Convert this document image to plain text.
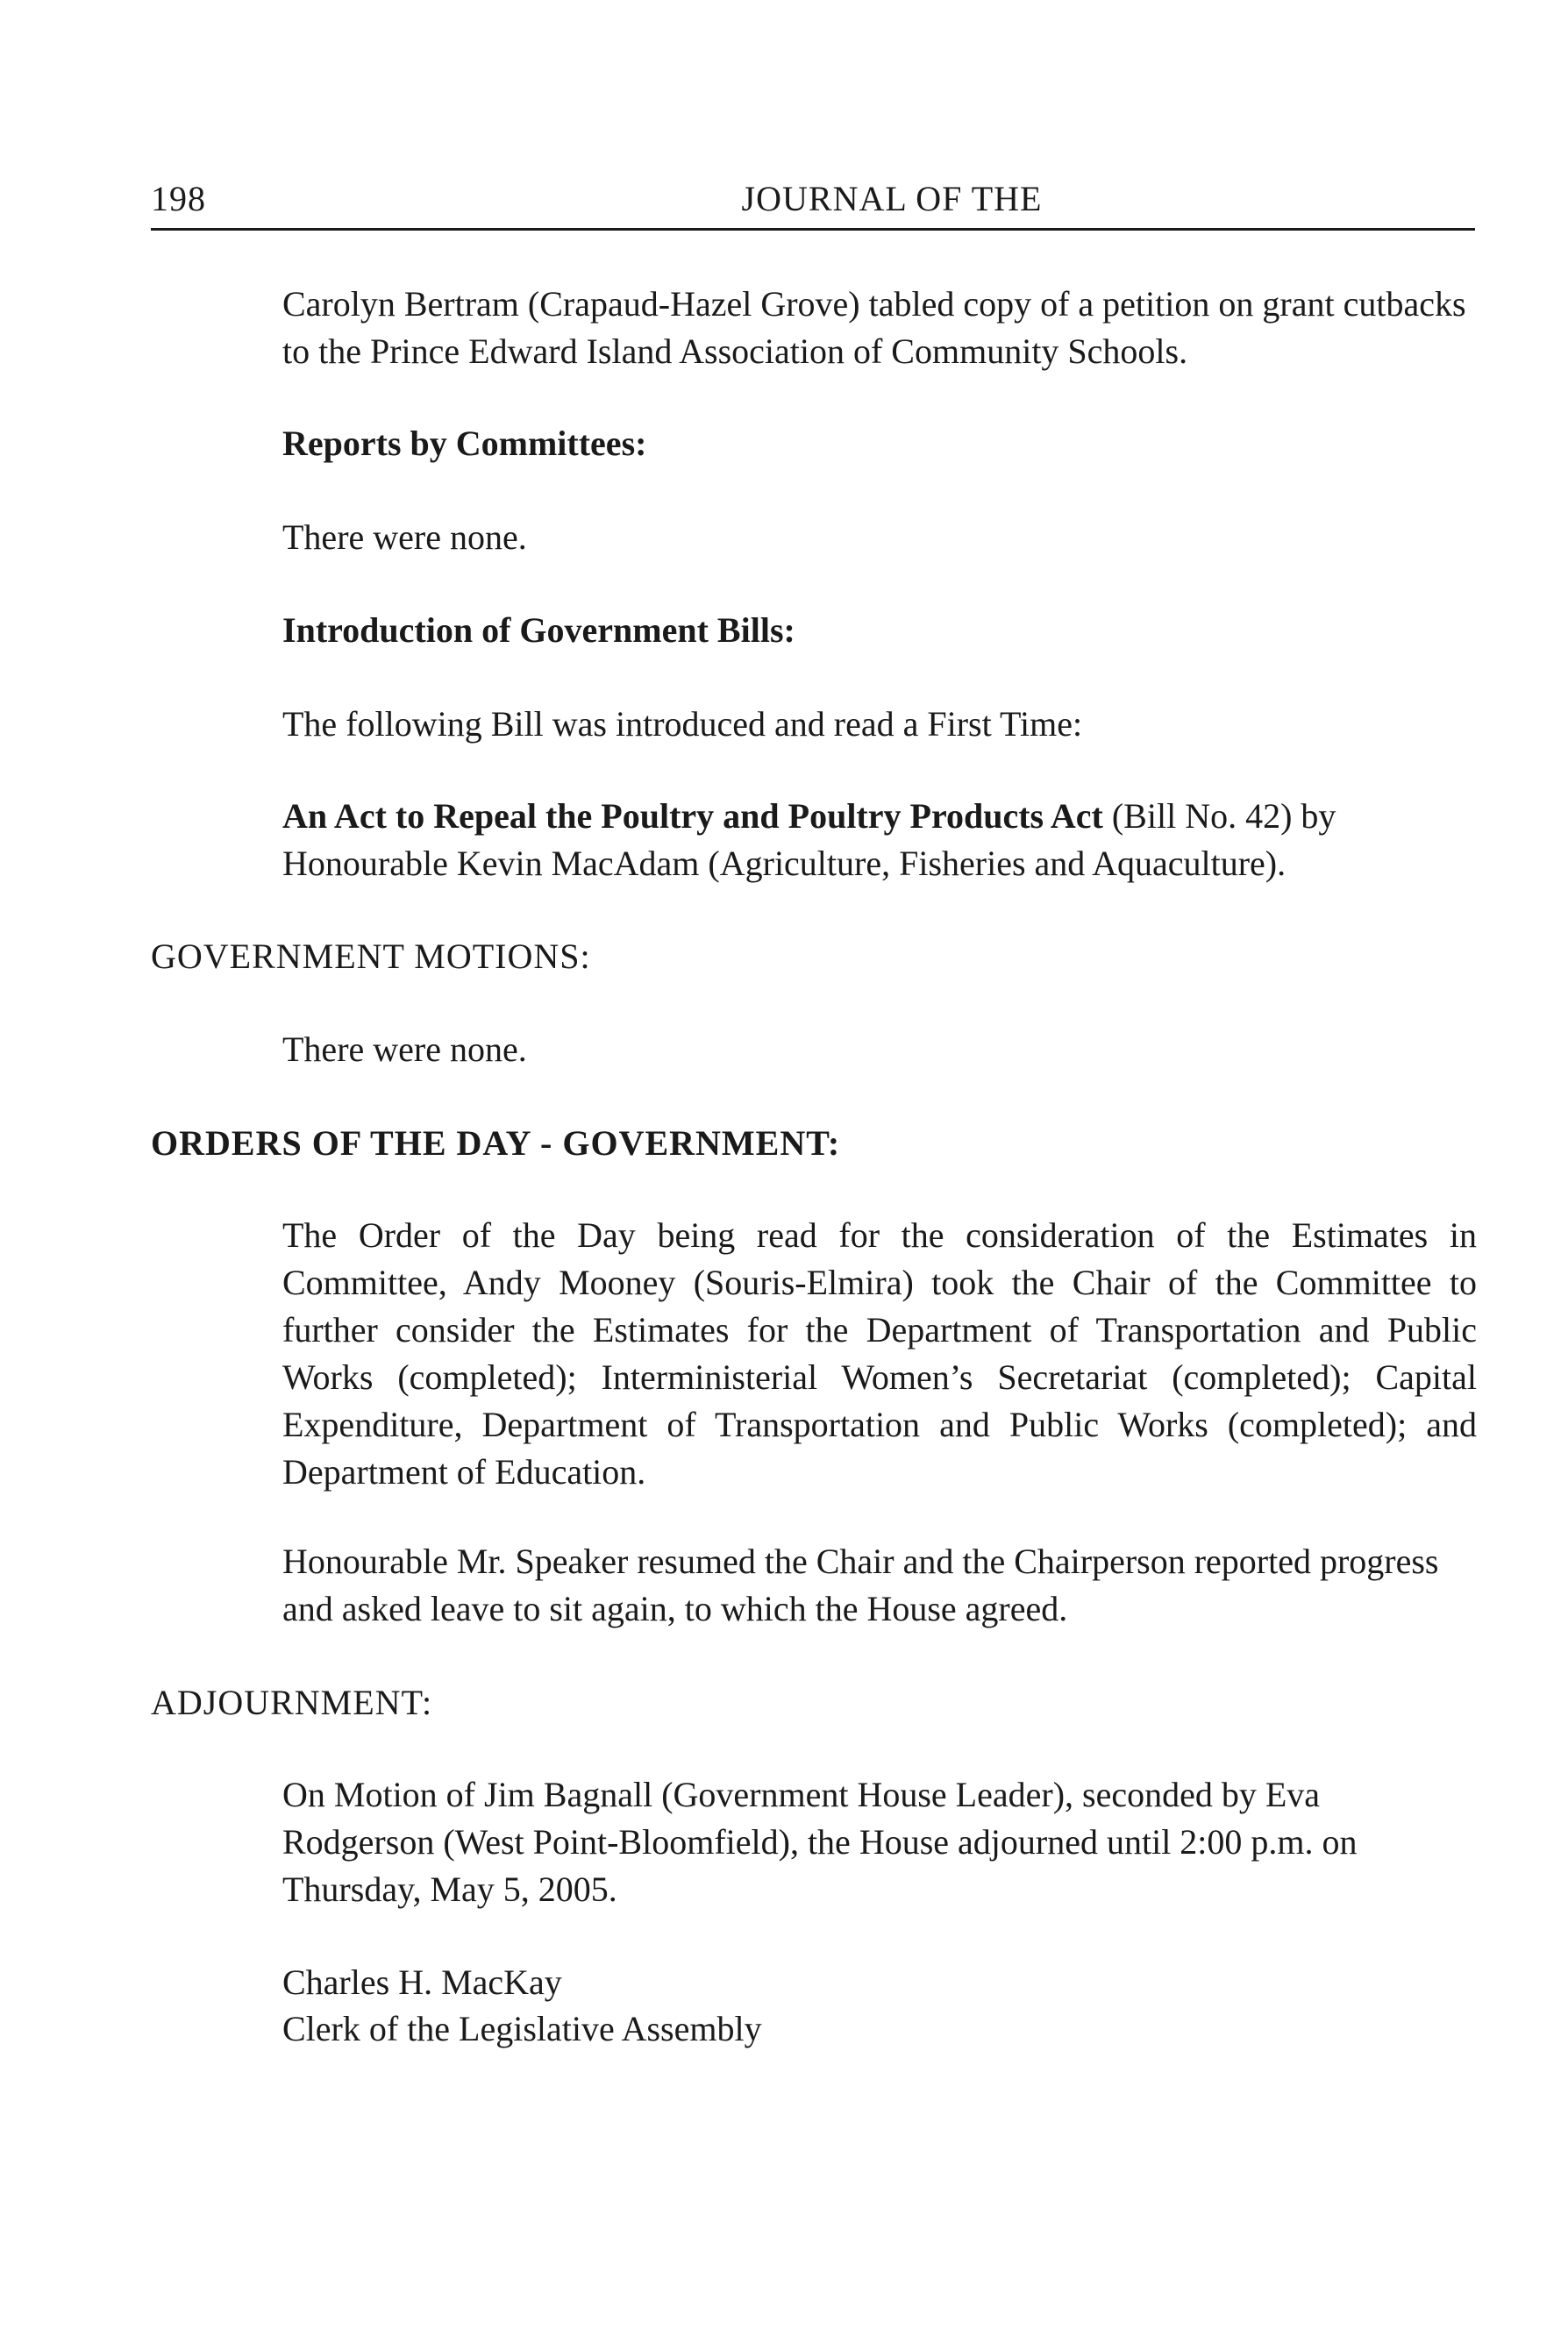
198	JOURNAL OF THE

Carolyn Bertram (Crapaud-Hazel Grove) tabled copy of a petition on grant cutbacks to the Prince Edward Island Association of Community Schools.

Reports by Committees:

There were none.

Introduction of Government Bills:

The following Bill was introduced and read a First Time:

An Act to Repeal the Poultry and Poultry Products Act (Bill No. 42) by Honourable Kevin MacAdam (Agriculture, Fisheries and Aquaculture).

GOVERNMENT MOTIONS:

There were none.

ORDERS OF THE DAY - GOVERNMENT:

The Order of the Day being read for the consideration of the Estimates in Committee, Andy Mooney (Souris-Elmira) took the Chair of the Committee to further consider the Estimates for the Department of Transportation and Public Works (completed); Interministerial Women’s Secretariat (completed); Capital Expenditure, Department of Transportation and Public Works (completed); and Department of Education.

Honourable Mr. Speaker resumed the Chair and the Chairperson reported progress and asked leave to sit again, to which the House agreed.

ADJOURNMENT:

On Motion of Jim Bagnall (Government House Leader), seconded by Eva Rodgerson (West Point-Bloomfield), the House adjourned until 2:00 p.m. on Thursday, May 5, 2005.

Charles H. MacKay

Clerk of the Legislative Assembly
